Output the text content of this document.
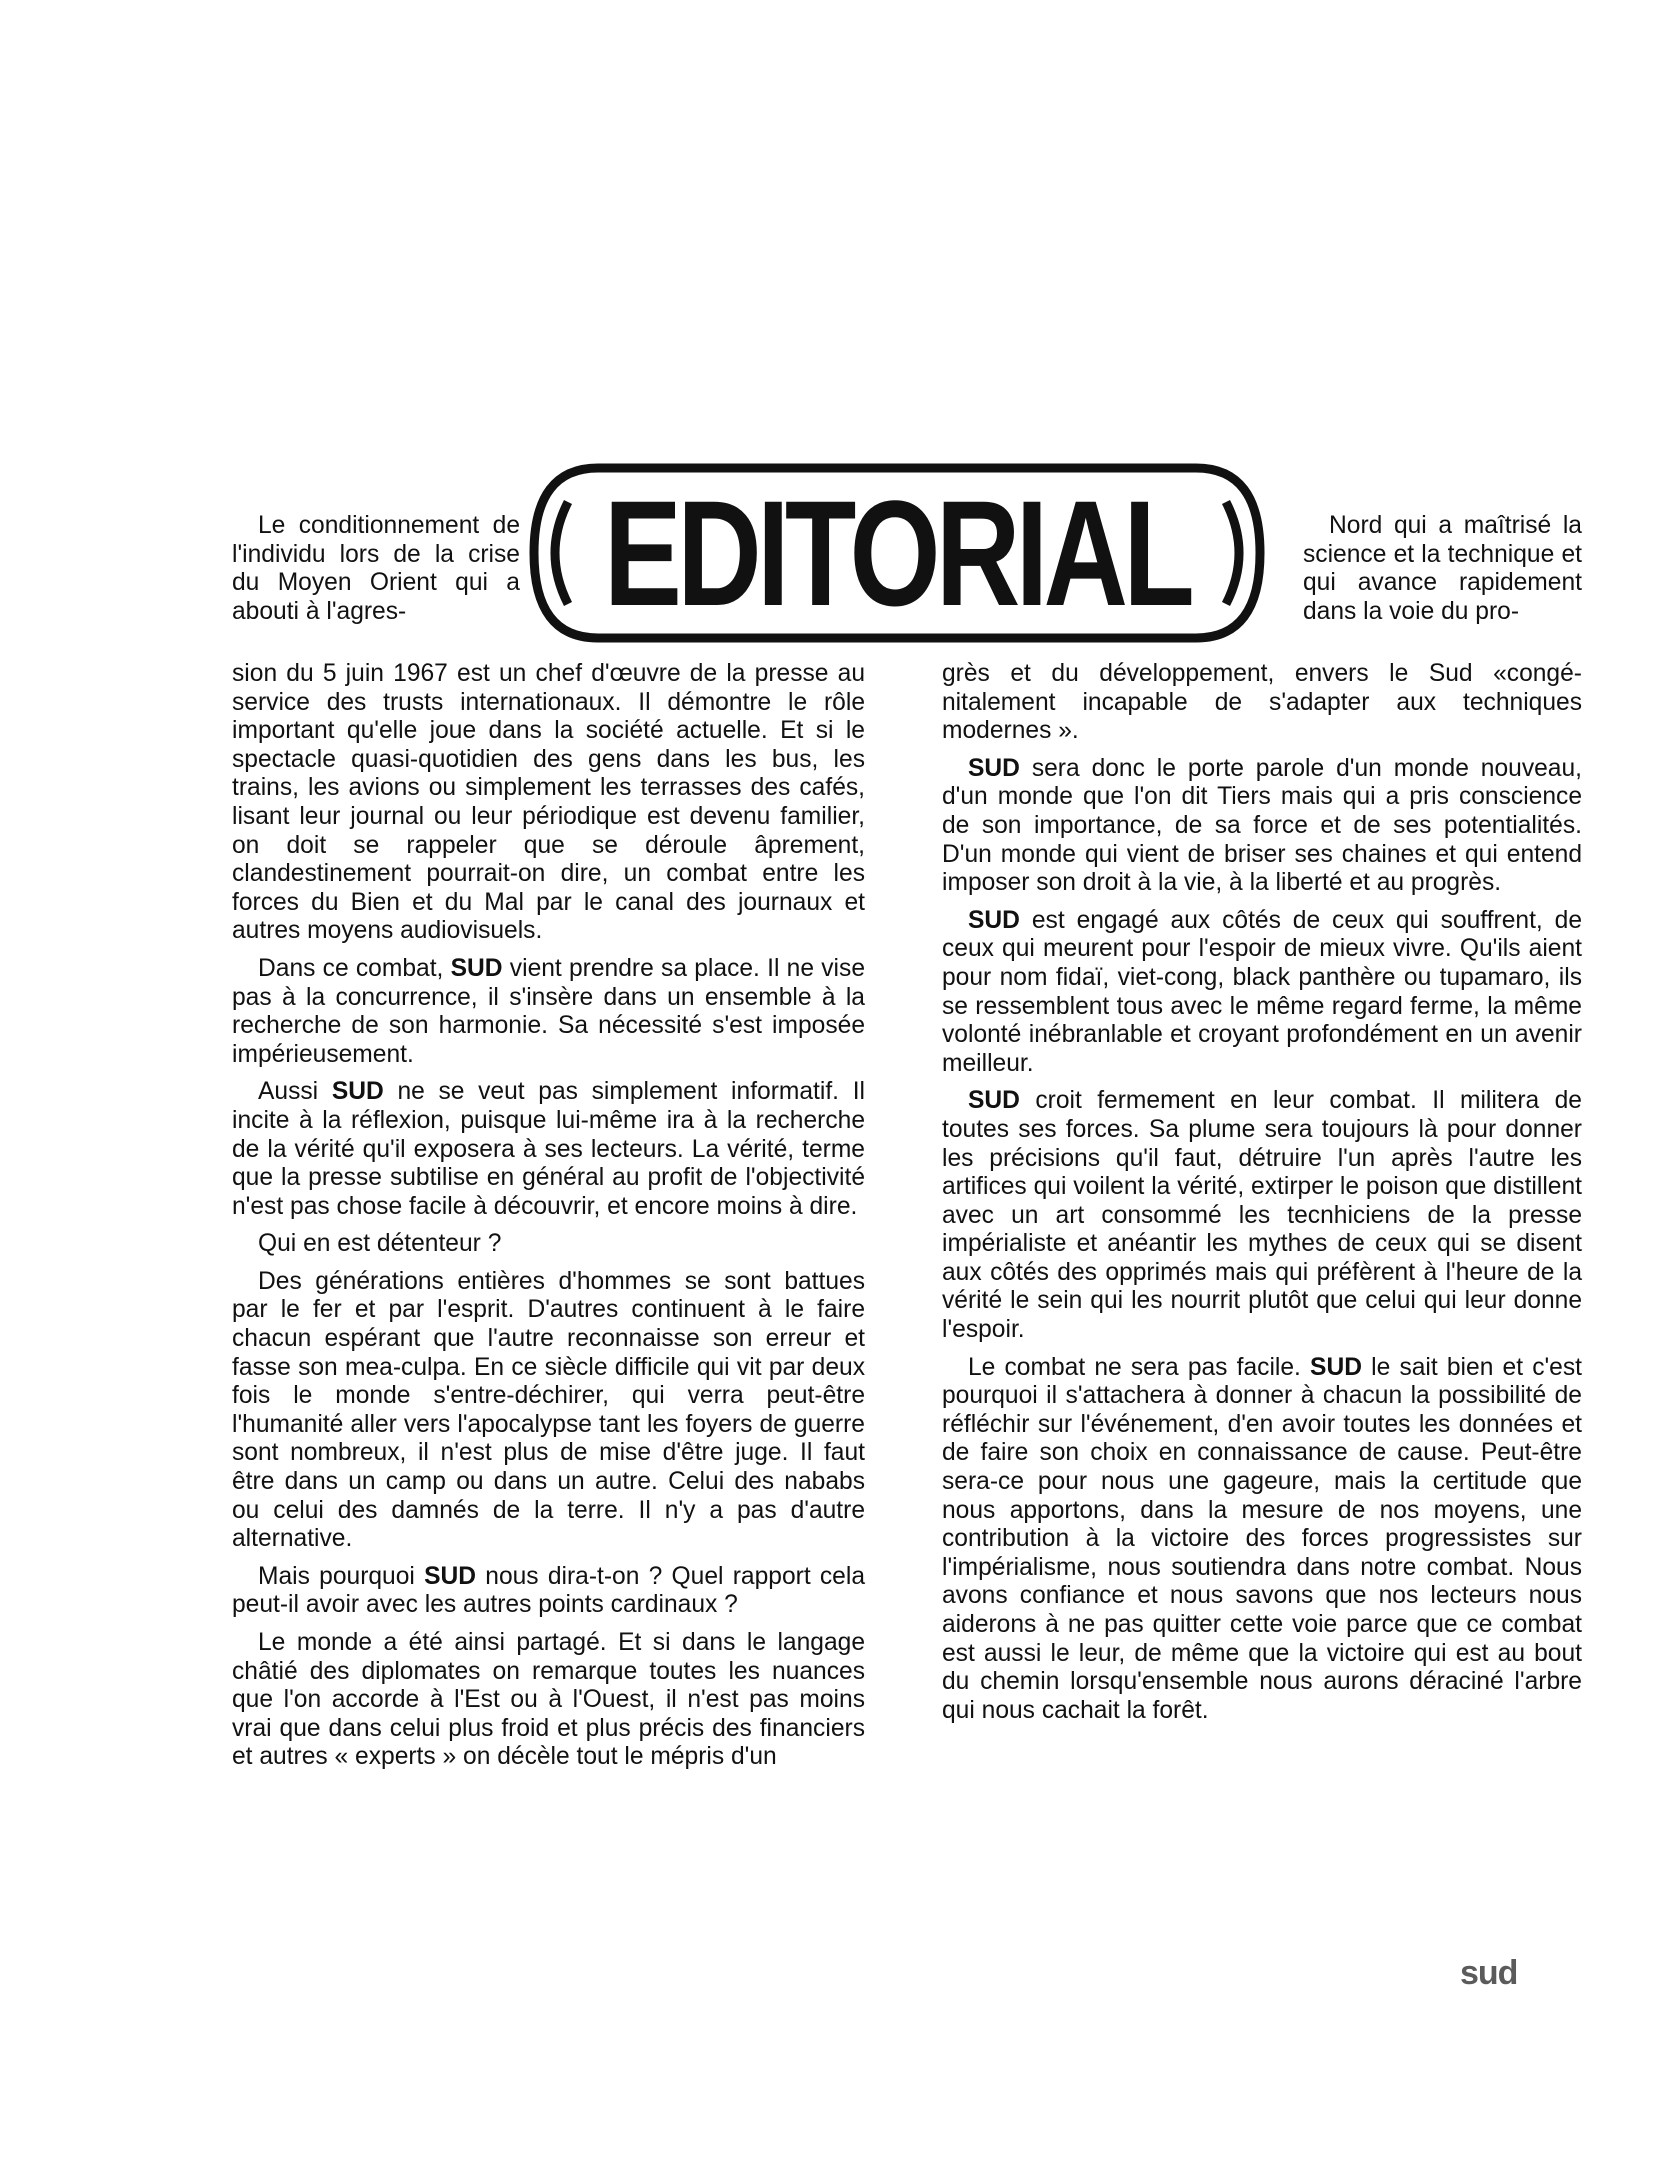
EDITORIAL

Le conditionnement de l'individu lors de la crise du Moyen Orient qui a abouti à l'agres-

Nord qui a maîtrisé la science et la technique et qui avance rapidement dans la voie du pro-

sion du 5 juin 1967 est un chef d'œuvre de la presse au service des trusts internationaux. Il démontre le rôle important qu'elle joue dans la société actuelle. Et si le spectacle quasi-quotidien des gens dans les bus, les trains, les avions ou simplement les terrasses des cafés, lisant leur journal ou leur périodique est devenu familier, on doit se rappeler que se déroule âprement, clandestinement pourrait-on dire, un combat entre les forces du Bien et du Mal par le canal des journaux et autres moyens audiovisuels.

Dans ce combat, SUD vient prendre sa place. Il ne vise pas à la concurrence, il s'insère dans un ensemble à la recherche de son harmonie. Sa nécessité s'est imposée impérieusement.

Aussi SUD ne se veut pas simplement informatif. Il incite à la réflexion, puisque lui-même ira à la recherche de la vérité qu'il exposera à ses lecteurs. La vérité, terme que la presse subtilise en général au profit de l'objectivité n'est pas chose facile à découvrir, et encore moins à dire.

Qui en est détenteur ?

Des générations entières d'hommes se sont battues par le fer et par l'esprit. D'autres continuent à le faire chacun espérant que l'autre reconnaisse son erreur et fasse son mea-culpa. En ce siècle difficile qui vit par deux fois le monde s'entre-déchirer, qui verra peut-être l'humanité aller vers l'apocalypse tant les foyers de guerre sont nombreux, il n'est plus de mise d'être juge. Il faut être dans un camp ou dans un autre. Celui des nababs ou celui des damnés de la terre. Il n'y a pas d'autre alternative.

Mais pourquoi SUD nous dira-t-on ? Quel rapport cela peut-il avoir avec les autres points cardinaux ?

Le monde a été ainsi partagé. Et si dans le langage châtié des diplomates on remarque toutes les nuances que l'on accorde à l'Est ou à l'Ouest, il n'est pas moins vrai que dans celui plus froid et plus précis des financiers et autres « experts » on décèle tout le mépris d'un

grès et du développement, envers le Sud «congénitalement incapable de s'adapter aux techniques modernes ».

SUD sera donc le porte parole d'un monde nouveau, d'un monde que l'on dit Tiers mais qui a pris conscience de son importance, de sa force et de ses potentialités. D'un monde qui vient de briser ses chaines et qui entend imposer son droit à la vie, à la liberté et au progrès.

SUD est engagé aux côtés de ceux qui souffrent, de ceux qui meurent pour l'espoir de mieux vivre. Qu'ils aient pour nom fidaï, viet-cong, black panthère ou tupamaro, ils se ressemblent tous avec le même regard ferme, la même volonté inébranlable et croyant profondément en un avenir meilleur.

SUD croit fermement en leur combat. Il militera de toutes ses forces. Sa plume sera toujours là pour donner les précisions qu'il faut, détruire l'un après l'autre les artifices qui voilent la vérité, extirper le poison que distillent avec un art consommé les tecnhiciens de la presse impérialiste et anéantir les mythes de ceux qui se disent aux côtés des opprimés mais qui préfèrent à l'heure de la vérité le sein qui les nourrit plutôt que celui qui leur donne l'espoir.

Le combat ne sera pas facile. SUD le sait bien et c'est pourquoi il s'attachera à donner à chacun la possibilité de réfléchir sur l'événement, d'en avoir toutes les données et de faire son choix en connaissance de cause. Peut-être sera-ce pour nous une gageure, mais la certitude que nous apportons, dans la mesure de nos moyens, une contribution à la victoire des forces progressistes sur l'impérialisme, nous soutiendra dans notre combat. Nous avons confiance et nous savons que nos lecteurs nous aiderons à ne pas quitter cette voie parce que ce combat est aussi le leur, de même que la victoire qui est au bout du chemin lorsqu'ensemble nous aurons déraciné l'arbre qui nous cachait la forêt.

sud
